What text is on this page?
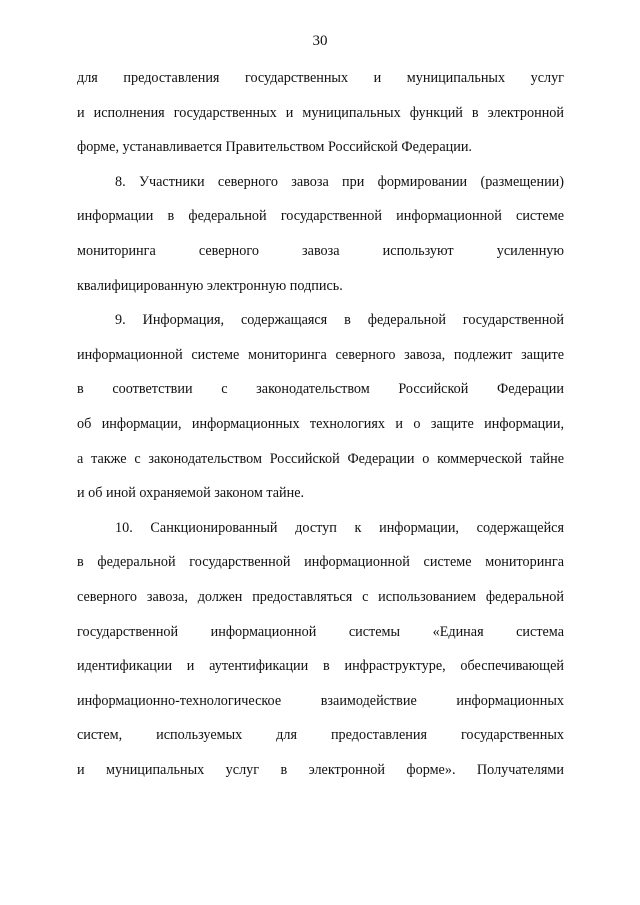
30
для предоставления государственных и муниципальных услуг
и исполнения государственных и муниципальных функций в электронной
форме, устанавливается Правительством Российской Федерации.
8. Участники северного завоза при формировании (размещении)
информации в федеральной государственной информационной системе
мониторинга северного завоза используют усиленную
квалифицированную электронную подпись.
9. Информация, содержащаяся в федеральной государственной
информационной системе мониторинга северного завоза, подлежит защите
в соответствии с законодательством Российской Федерации
об информации, информационных технологиях и о защите информации,
а также с законодательством Российской Федерации о коммерческой тайне
и об иной охраняемой законом тайне.
10. Санкционированный доступ к информации, содержащейся
в федеральной государственной информационной системе мониторинга
северного завоза, должен предоставляться с использованием федеральной
государственной информационной системы «Единая система
идентификации и аутентификации в инфраструктуре, обеспечивающей
информационно-технологическое взаимодействие информационных
систем, используемых для предоставления государственных
и муниципальных услуг в электронной форме». Получателями
